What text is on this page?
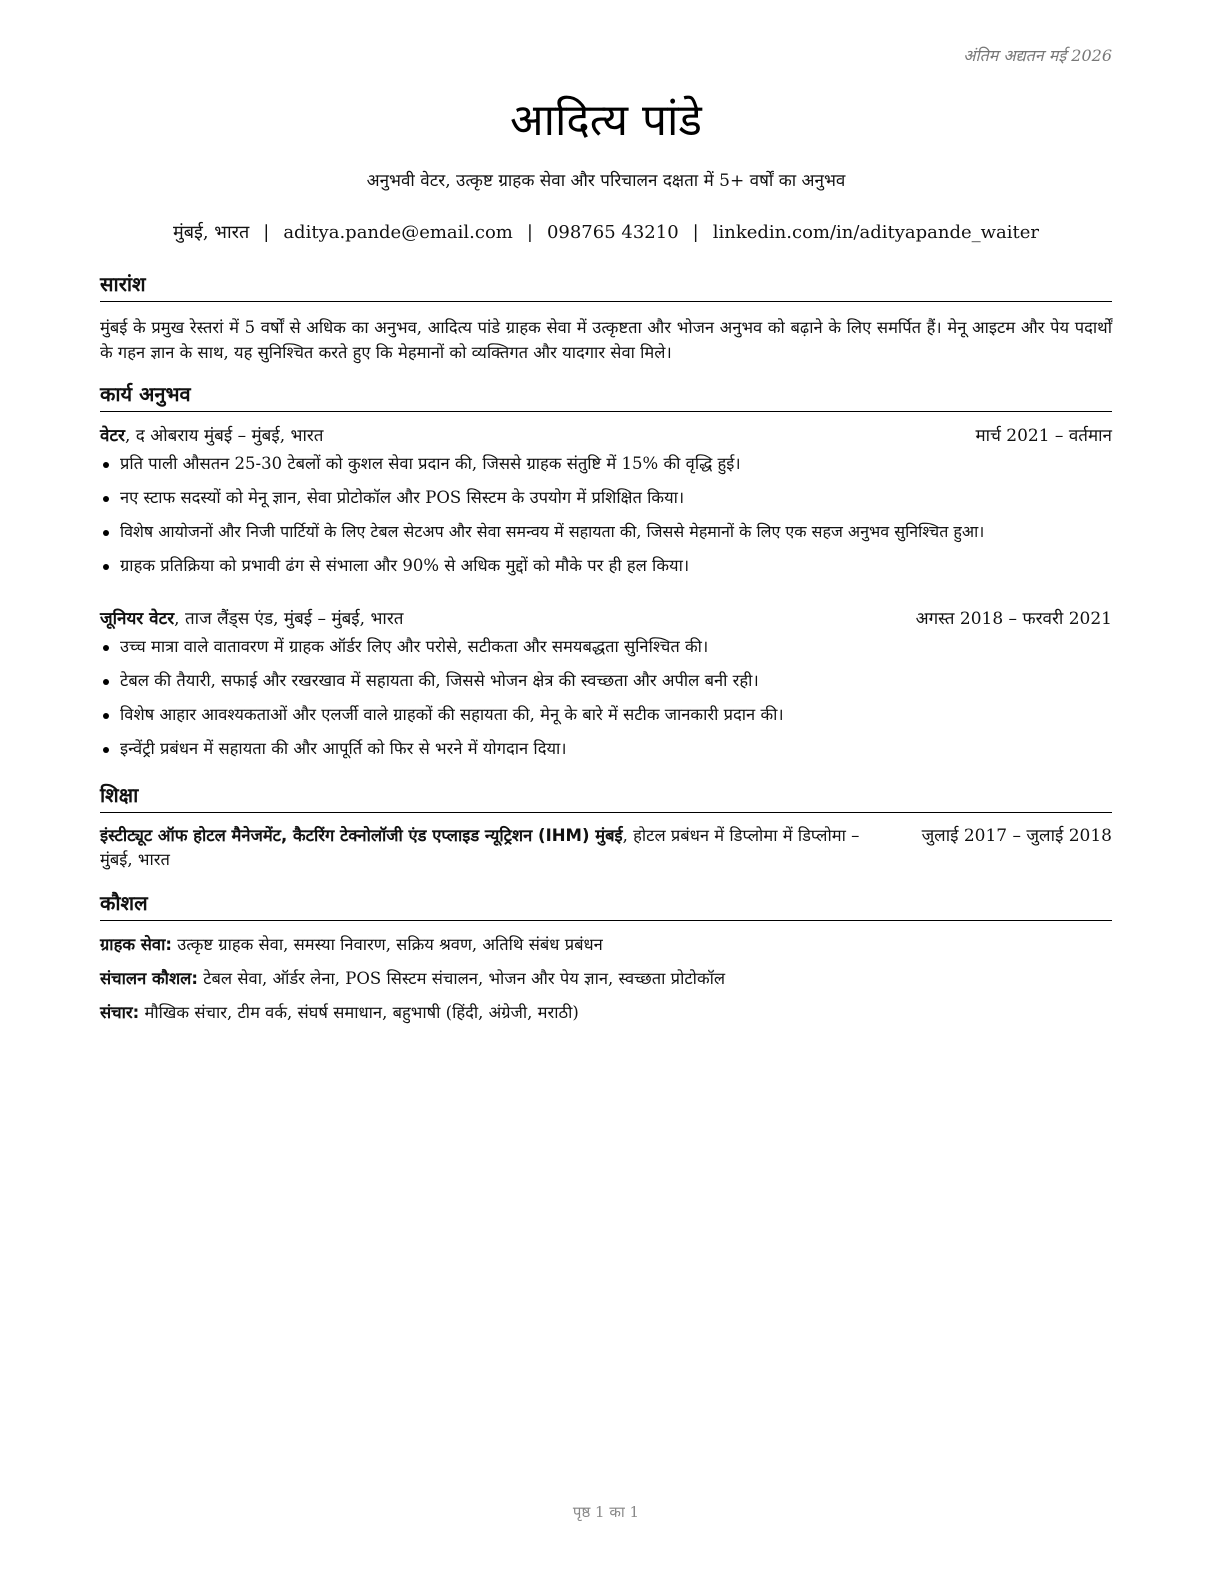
अंतिम अद्यतन मई 2026
आदित्य पांडे
अनुभवी वेटर, उत्कृष्ट ग्राहक सेवा और परिचालन दक्षता में 5+ वर्षों का अनुभव
मुंबई, भारत | aditya.pande@email.com | 098765 43210 | linkedin.com/in/adityapande_waiter
सारांश
मुंबई के प्रमुख रेस्तरां में 5 वर्षों से अधिक का अनुभव, आदित्य पांडे ग्राहक सेवा में उत्कृष्टता और भोजन अनुभव को बढ़ाने के लिए समर्पित हैं। मेनू आइटम और पेय पदार्थों के गहन ज्ञान के साथ, यह सुनिश्चित करते हुए कि मेहमानों को व्यक्तिगत और यादगार सेवा मिले।
कार्य अनुभव
वेटर, द ओबराय मुंबई – मुंबई, भारत	मार्च 2021 – वर्तमान
प्रति पाली औसतन 25-30 टेबलों को कुशल सेवा प्रदान की, जिससे ग्राहक संतुष्टि में 15% की वृद्धि हुई।
नए स्टाफ सदस्यों को मेनू ज्ञान, सेवा प्रोटोकॉल और POS सिस्टम के उपयोग में प्रशिक्षित किया।
विशेष आयोजनों और निजी पार्टियों के लिए टेबल सेटअप और सेवा समन्वय में सहायता की, जिससे मेहमानों के लिए एक सहज अनुभव सुनिश्चित हुआ।
ग्राहक प्रतिक्रिया को प्रभावी ढंग से संभाला और 90% से अधिक मुद्दों को मौके पर ही हल किया।
जूनियर वेटर, ताज लैंड्स एंड, मुंबई – मुंबई, भारत	अगस्त 2018 – फरवरी 2021
उच्च मात्रा वाले वातावरण में ग्राहक ऑर्डर लिए और परोसे, सटीकता और समयबद्धता सुनिश्चित की।
टेबल की तैयारी, सफाई और रखरखाव में सहायता की, जिससे भोजन क्षेत्र की स्वच्छता और अपील बनी रही।
विशेष आहार आवश्यकताओं और एलर्जी वाले ग्राहकों की सहायता की, मेनू के बारे में सटीक जानकारी प्रदान की।
इन्वेंट्री प्रबंधन में सहायता की और आपूर्ति को फिर से भरने में योगदान दिया।
शिक्षा
इंस्टीट्यूट ऑफ होटल मैनेजमेंट, कैटरिंग टेक्नोलॉजी एंड एप्लाइड न्यूट्रिशन (IHM) मुंबई, होटल प्रबंधन में डिप्लोमा में डिप्लोमा – मुंबई, भारत
जुलाई 2017 – जुलाई 2018
कौशल
ग्राहक सेवा: उत्कृष्ट ग्राहक सेवा, समस्या निवारण, सक्रिय श्रवण, अतिथि संबंध प्रबंधन
संचालन कौशल: टेबल सेवा, ऑर्डर लेना, POS सिस्टम संचालन, भोजन और पेय ज्ञान, स्वच्छता प्रोटोकॉल
संचार: मौखिक संचार, टीम वर्क, संघर्ष समाधान, बहुभाषी (हिंदी, अंग्रेजी, मराठी)
पृष्ठ 1 का 1
